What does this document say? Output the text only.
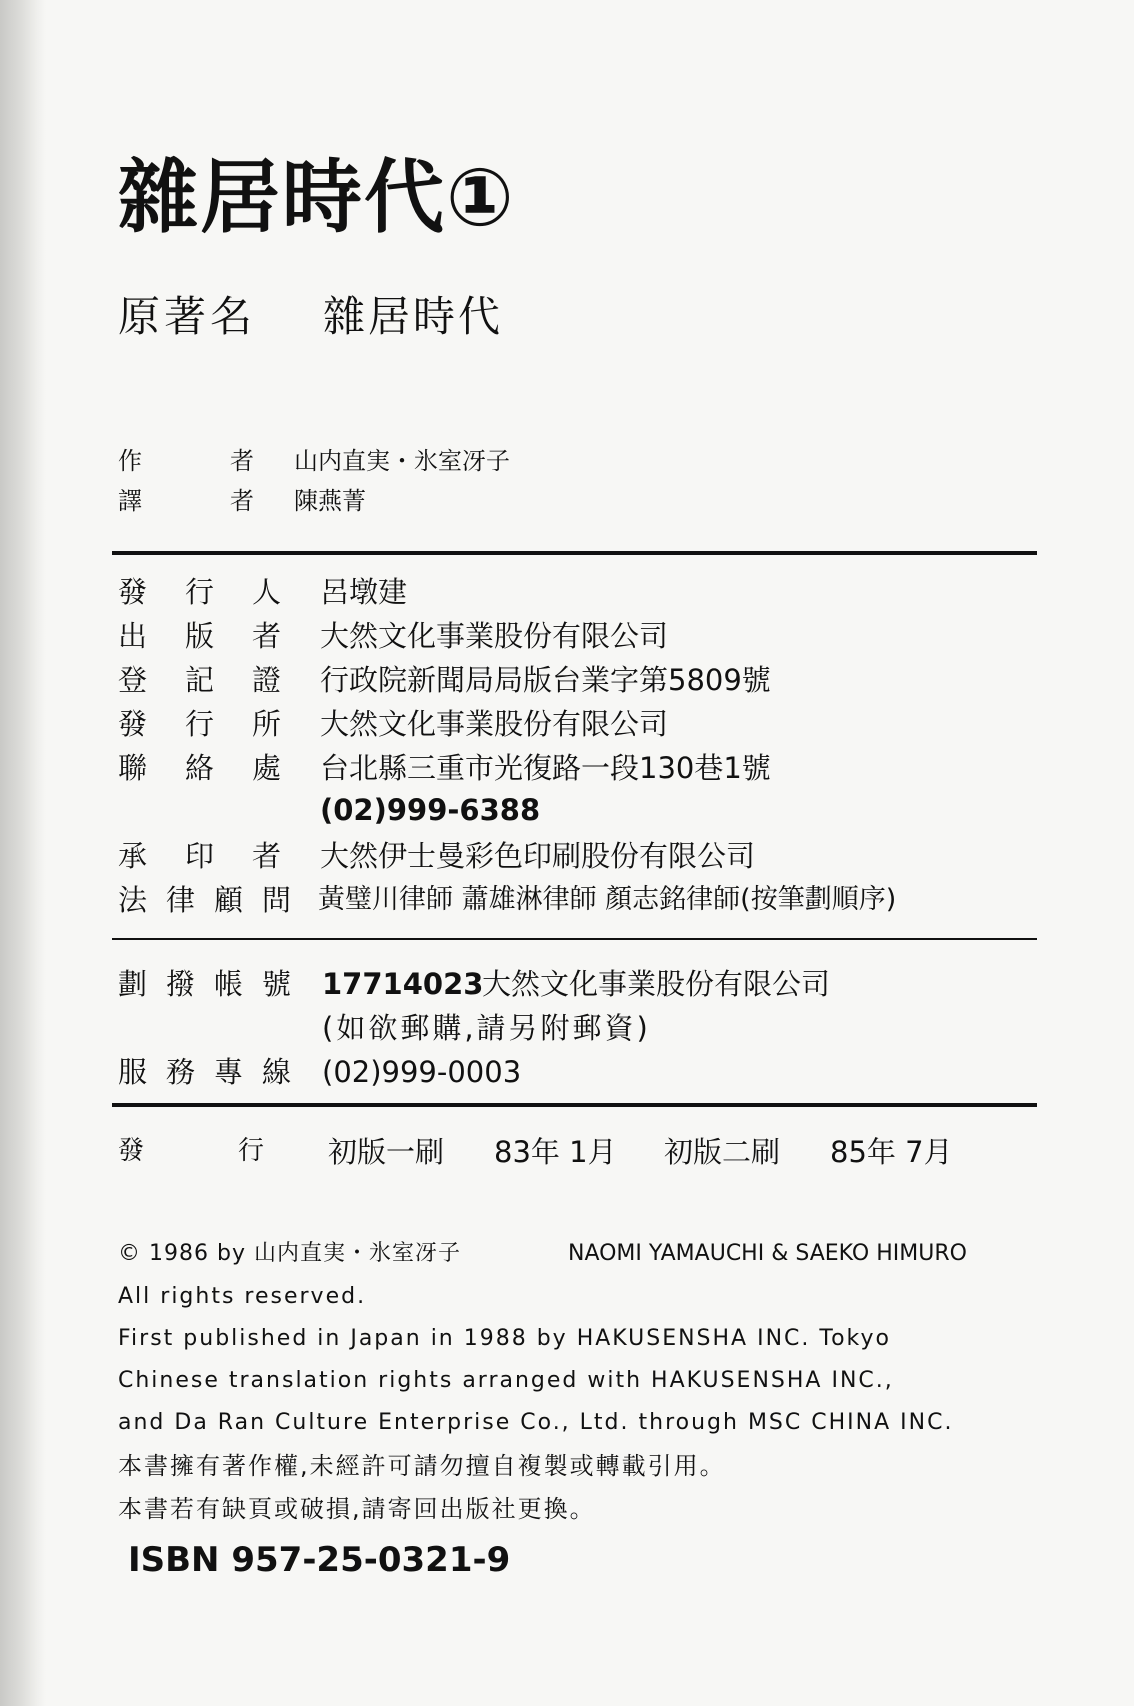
雜居時代①
原著名 雜居時代
作	者 山内直実・氷室冴子
譯	者 陳燕菁
發 行 人 呂墩建
出 版 者 大然文化事業股份有限公司
登 記 證 行政院新聞局局版台業字第5809號
發 行 所 大然文化事業股份有限公司
聯 絡 處 台北縣三重市光復路一段130巷1號
(02)999-6388
承 印 者 大然伊士曼彩色印刷股份有限公司
法 律 顧 問 黃璧川律師 蕭雄淋律師 顏志銘律師(按筆劃順序)
劃 撥 帳 號 17714023
大然文化事業股份有限公司
(如欲郵購,請另附郵資)
服 務 專 線 (02)999-0003
發	行 初版一刷 83年 1月 初版二刷 85年 7月
© 1986 by 山内直実・氷室冴子	NAOMI YAMAUCHI & SAEKO HIMURO
All rights reserved.
First published in Japan in 1988 by HAKUSENSHA INC. Tokyo
Chinese translation rights arranged with HAKUSENSHA INC.,
and Da Ran Culture Enterprise Co., Ltd. through MSC CHINA INC.
本書擁有著作權,未經許可請勿擅自複製或轉載引用。
本書若有缺頁或破損,請寄回出版社更換。
ISBN 957-25-0321-9
